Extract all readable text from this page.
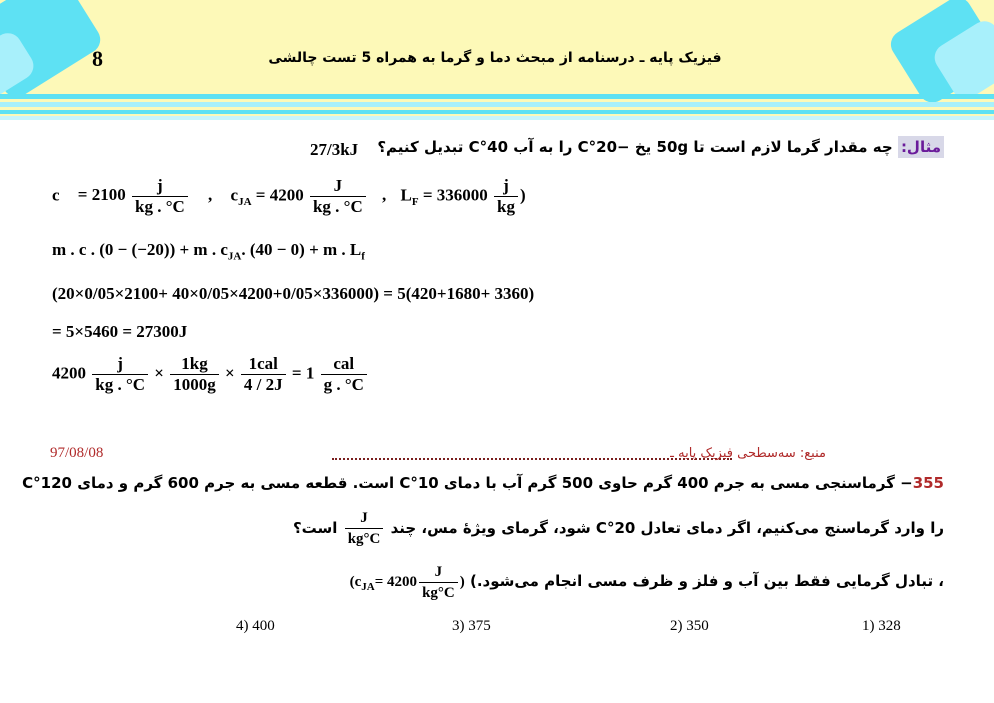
8	فیزیک پایه ـ درسنامه از مبحث دما و گرما به همراه 5 تست چالشی
مثال: چه مقدار گرما لازم است تا 50g یخ −20°C را به آب 40°C تبدیل کنیم؟
27/3kJ
$c = 2100 \frac{j}{kg . ^\circ C}$ , $c_{JA} = 4200 \frac{J}{kg . ^\circ C}$ , $L_F = 336000 \frac{j}{kg}$ )
m . c . (0 − (−20)) + m . $c_{JA}$. (40 − 0) + m . $L_f$
(20×0/05×2100+ 40×0/05×4200+0/05×336000) = 5(420+1680+ 3360)
= 5×5460 = 27300J
$4200 \frac{j}{kg . ^\circ C} \times \frac{1kg}{1000g} \times \frac{\text{1cal}}{4 / 2J} = 1 \frac{\text{cal}}{g . ^\circ C}$
97/08/08	منبع: سه‌سطحی فیزیک پایه ـ
355− گرماسنجی مسی به جرم 400 گرم حاوی 500 گرم آب با دمای 10°C است. قطعه مسی به جرم 600 گرم و دمای 120°C
را وارد گرماسنج می‌کنیم، اگر دمای تعادل 20°C شود، گرمای ویژهٔ مس، چند
$\frac{J}{kg^\circ C}$
است؟
، تبادل گرمایی فقط بین آب و فلز و ظرف مسی انجام می‌شود.) ($c_{JA}= 4200 \frac{J}{kg^\circ C}$ )
328 (1
350 (2
375 (3
400 (4
